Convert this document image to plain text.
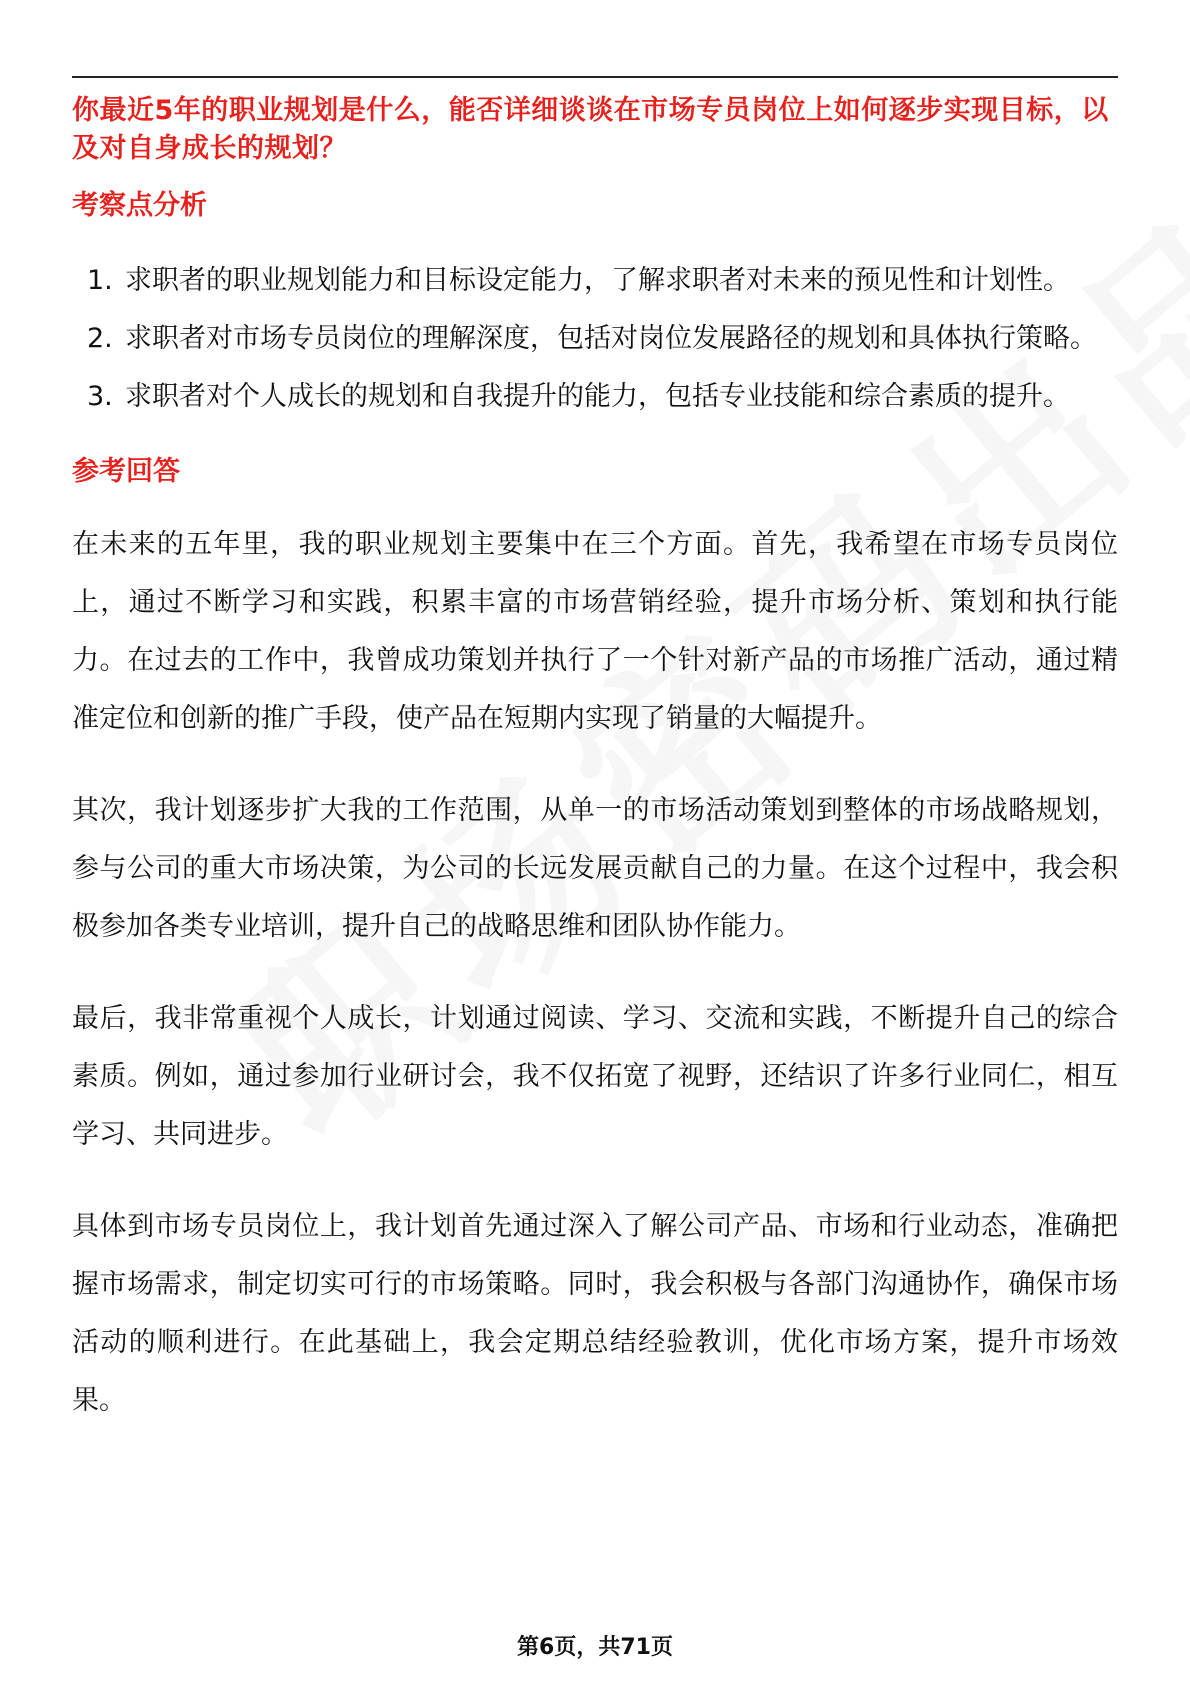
你最近5年的职业规划是什么，能否详细谈谈在市场专员岗位上如何逐步实现目标，以及对自身成长的规划？

考察点分析
1. 求职者的职业规划能力和目标设定能力，了解求职者对未来的预见性和计划性。
2. 求职者对市场专员岗位的理解深度，包括对岗位发展路径的规划和具体执行策略。
3. 求职者对个人成长的规划和自我提升的能力，包括专业技能和综合素质的提升。
参考回答

在未来的五年里，我的职业规划主要集中在三个方面。首先，我希望在市场专员岗位上，通过不断学习和实践，积累丰富的市场营销经验，提升市场分析、策划和执行能力。在过去的工作中，我曾成功策划并执行了一个针对新产品的市场推广活动，通过精准定位和创新的推广手段，使产品在短期内实现了销量的大幅提升。

其次，我计划逐步扩大我的工作范围，从单一的市场活动策划到整体的市场战略规划，参与公司的重大市场决策，为公司的长远发展贡献自己的力量。在这个过程中，我会积极参加各类专业培训，提升自己的战略思维和团队协作能力。

最后，我非常重视个人成长，计划通过阅读、学习、交流和实践，不断提升自己的综合素质。例如，通过参加行业研讨会，我不仅拓宽了视野，还结识了许多行业同仁，相互学习、共同进步。

具体到市场专员岗位上，我计划首先通过深入了解公司产品、市场和行业动态，准确把握市场需求，制定切实可行的市场策略。同时，我会积极与各部门沟通协作，确保市场活动的顺利进行。在此基础上，我会定期总结经验教训，优化市场方案，提升市场效果。

第6页，共71页
